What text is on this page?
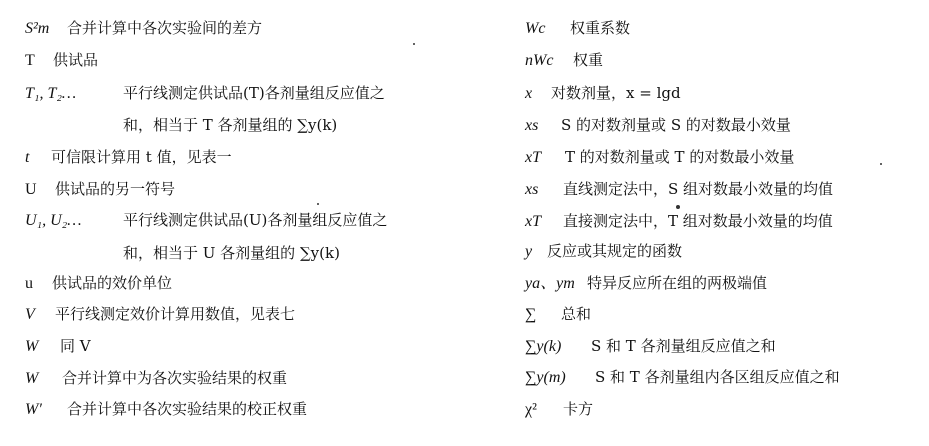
S²m 合并计算中各次实验间的差方
T 供试品
T₁, T₂…	平行线测定供试品(T)各剂量组反应值之
和，相当于 T 各剂量组的 ∑y(k)
t 可信限计算用 t 值，见表一
U 供试品的另一符号
U₁, U₂…	平行线测定供试品(U)各剂量组反应值之
和，相当于 U 各剂量组的 ∑y(k)
u 供试品的效价单位
V 平行线测定效价计算用数值，见表七
W 同 V
W 合并计算中为各次实验结果的权重
W′ 合并计算中各次实验结果的校正权重
Wc 权重系数
nWc 权重
x 对数剂量，x = lgd
xs S 的对数剂量或 S 的对数最小效量
xT T 的对数剂量或 T 的对数最小效量
xs 直线测定法中，S 组对数最小效量的均值
xT 直接测定法中，T 组对数最小效量的均值
y 反应或其规定的函数
ya、ym 特异反应所在组的两极端值
∑ 总和
∑y(k) S 和 T 各剂量组反应值之和
∑y(m) S 和 T 各剂量组内各区组反应值之和
χ² 卡方
